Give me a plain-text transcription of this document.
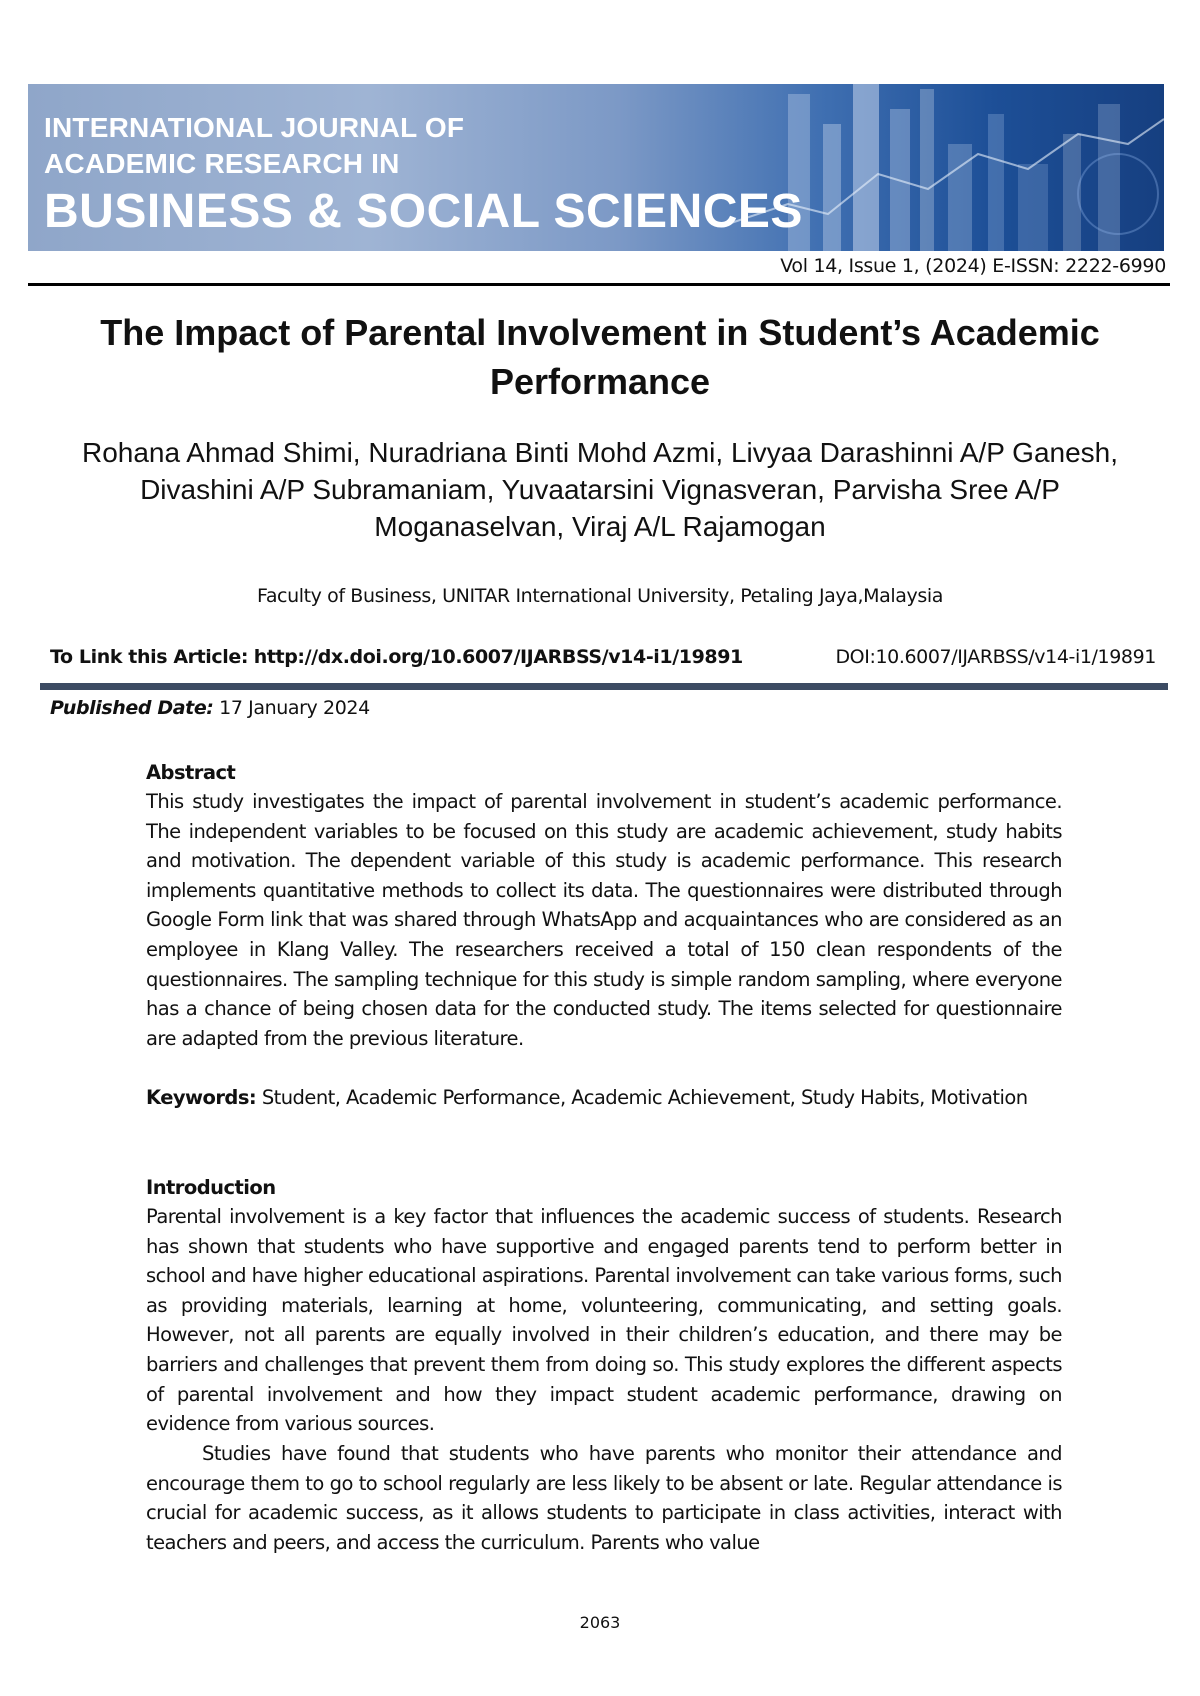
INTERNATIONAL JOURNAL OF
ACADEMIC RESEARCH IN
BUSINESS & SOCIAL SCIENCES
Vol 14, Issue 1, (2024) E-ISSN: 2222-6990
The Impact of Parental Involvement in Student’s Academic Performance
Rohana Ahmad Shimi, Nuradriana Binti Mohd Azmi, Livyaa Darashinni A/P Ganesh, Divashini A/P Subramaniam, Yuvaatarsini Vignasveran, Parvisha Sree A/P Moganaselvan, Viraj A/L Rajamogan
Faculty of Business, UNITAR International University, Petaling Jaya,Malaysia
To Link this Article: http://dx.doi.org/10.6007/IJARBSS/v14-i1/19891	DOI:10.6007/IJARBSS/v14-i1/19891
Published Date: 17 January 2024
Abstract
This study investigates the impact of parental involvement in student’s academic performance. The independent variables to be focused on this study are academic achievement, study habits and motivation. The dependent variable of this study is academic performance. This research implements quantitative methods to collect its data. The questionnaires were distributed through Google Form link that was shared through WhatsApp and acquaintances who are considered as an employee in Klang Valley. The researchers received a total of 150 clean respondents of the questionnaires. The sampling technique for this study is simple random sampling, where everyone has a chance of being chosen data for the conducted study. The items selected for questionnaire are adapted from the previous literature.
Keywords: Student, Academic Performance, Academic Achievement, Study Habits, Motivation
Introduction
Parental involvement is a key factor that influences the academic success of students. Research has shown that students who have supportive and engaged parents tend to perform better in school and have higher educational aspirations. Parental involvement can take various forms, such as providing materials, learning at home, volunteering, communicating, and setting goals. However, not all parents are equally involved in their children’s education, and there may be barriers and challenges that prevent them from doing so. This study explores the different aspects of parental involvement and how they impact student academic performance, drawing on evidence from various sources.
Studies have found that students who have parents who monitor their attendance and encourage them to go to school regularly are less likely to be absent or late. Regular attendance is crucial for academic success, as it allows students to participate in class activities, interact with teachers and peers, and access the curriculum. Parents who value
2063
